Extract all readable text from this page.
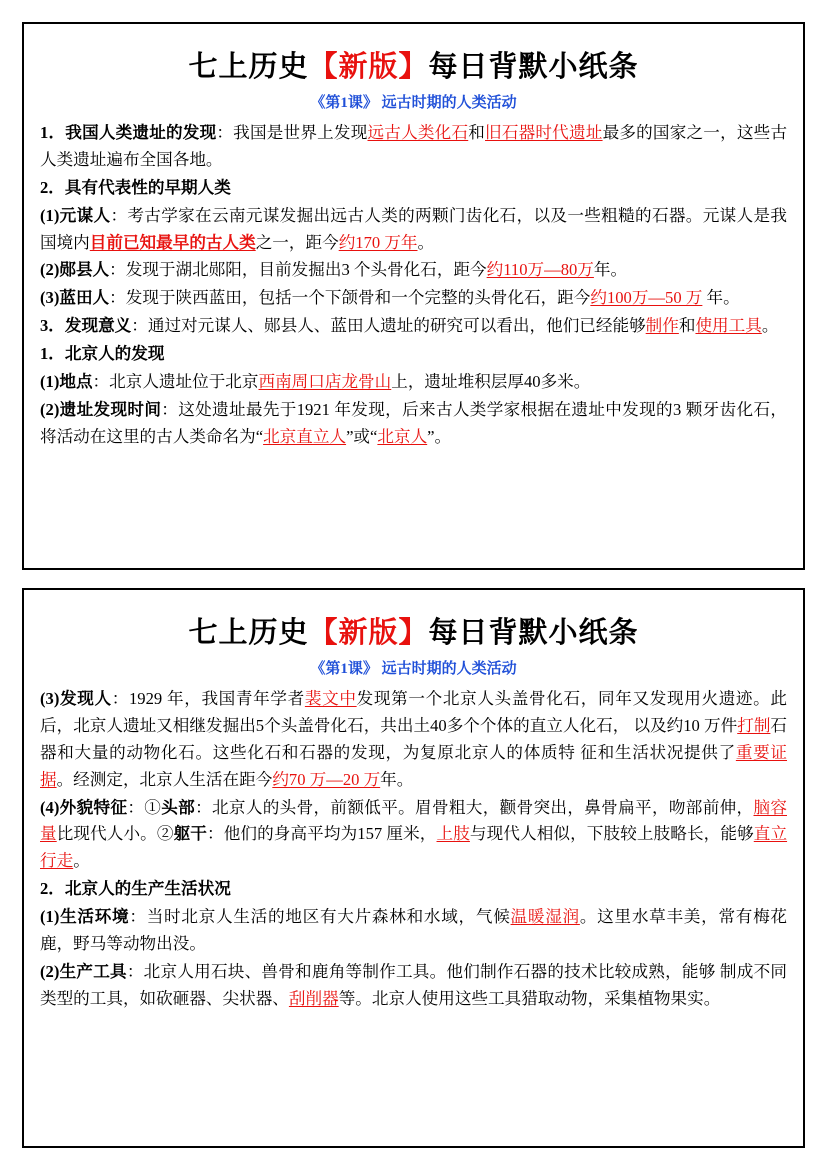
七上历史【新版】每日背默小纸条
《第1课》 远古时期的人类活动

1．我国人类遗址的发现：我国是世界上发现远古人类化石和旧石器时代遗址最多的国家之一，这些古人类遗址遍布全国各地。

2．具有代表性的早期人类

(1)元谋人：考古学家在云南元谋发掘出远古人类的两颗门齿化石，以及一些粗糙的石器。元谋人是我国境内目前已知最早的古人类之一，距今约170 万年。

(2)郧县人：发现于湖北郧阳，目前发掘出3 个头骨化石，距今约110万—80万年。

(3)蓝田人：发现于陕西蓝田，包括一个下颌骨和一个完整的头骨化石，距今约100万—50 万 年。

3．发现意义：通过对元谋人、郧县人、蓝田人遗址的研究可以看出，他们已经能够制作和使用工具。

1．北京人的发现

(1)地点：北京人遗址位于北京西南周口店龙骨山上，遗址堆积层厚40多米。

(2)遗址发现时间：这处遗址最先于1921 年发现，后来古人类学家根据在遗址中发现的3 颗牙齿化石，将活动在这里的古人类命名为“北京直立人”或“北京人”。

七上历史【新版】每日背默小纸条
《第1课》 远古时期的人类活动

(3)发现人：1929 年，我国青年学者裴文中发现第一个北京人头盖骨化石，同年又发现用火遗迹。此后，北京人遗址又相继发掘出5个头盖骨化石，共出土40多个个体的直立人化石， 以及约10 万件打制石器和大量的动物化石。这些化石和石器的发现，为复原北京人的体质特 征和生活状况提供了重要证据。经测定，北京人生活在距今约70 万—20 万年。

(4)外貌特征：①头部：北京人的头骨，前额低平。眉骨粗大，颧骨突出，鼻骨扁平，吻部前伸，脑容量比现代人小。②躯干：他们的身高平均为157 厘米，上肢与现代人相似，下肢较上肢略长，能够直立行走。

2．北京人的生产生活状况

(1)生活环境：当时北京人生活的地区有大片森林和水域，气候温暖湿润。这里水草丰美，常有梅花鹿，野马等动物出没。

(2)生产工具：北京人用石块、兽骨和鹿角等制作工具。他们制作石器的技术比较成熟，能够 制成不同类型的工具，如砍砸器、尖状器、刮削器等。北京人使用这些工具猎取动物，采集植物果实。
